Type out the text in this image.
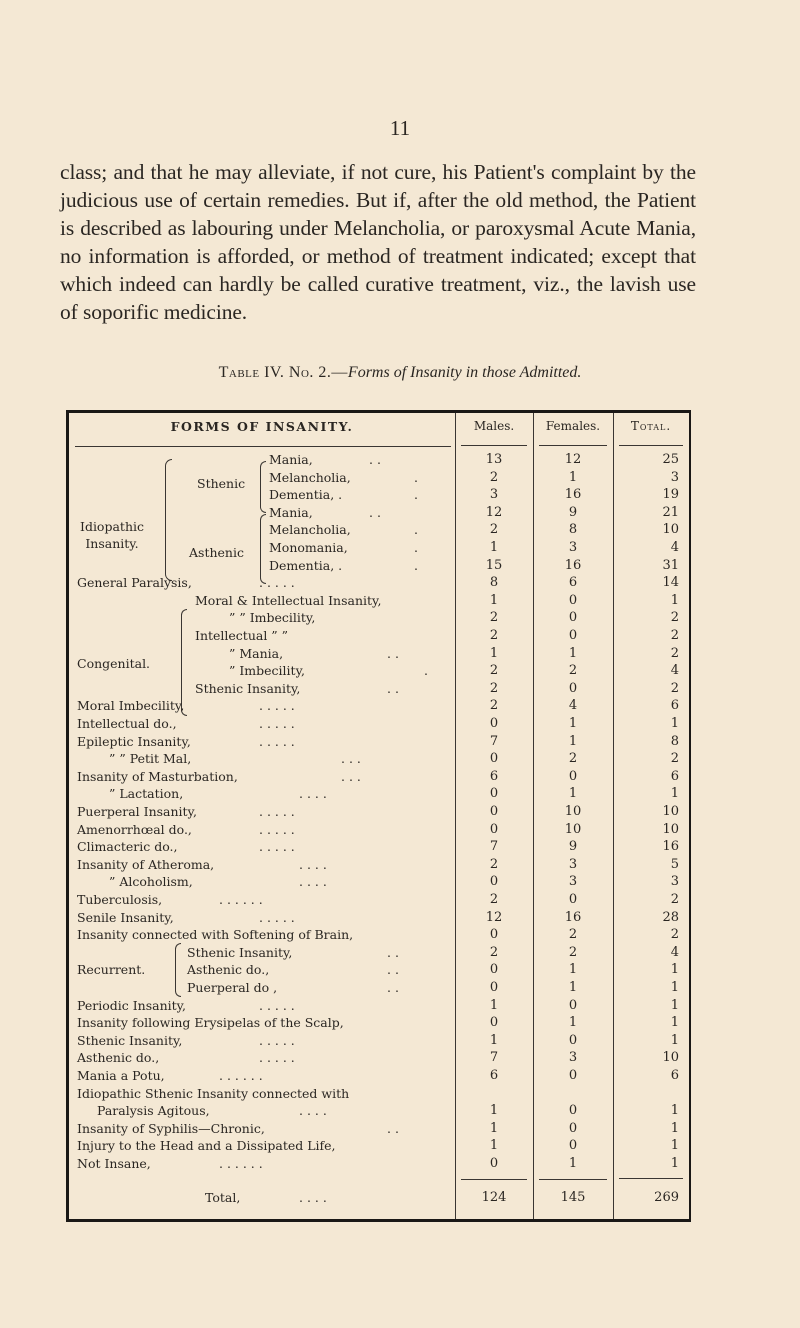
11
class; and that he may alleviate, if not cure, his Patient's complaint by the judicious use of certain remedies. But if, after the old method, the Patient is described as labouring under Melancholia, or paroxysmal Acute Mania, no information is afforded, or method of treatment indicated; except that which indeed can hardly be called curative treatment, viz., the lavish use of soporific medicine.
Table IV. No. 2.—Forms of Insanity in those Admitted.
FORMS OF INSANITY.	Males.	Females.	Total.
Idiopathic Insanity.
Sthenic
Asthenic
Congenital.
Recurrent.
Mania,	. .	13	12	25
Melancholia,	.	2	1	3
Dementia, .	.	3	16	19
Mania,	. .	12	9	21
Melancholia,	.	2	8	10
Monomania,	.	1	3	4
Dementia, .	.	15	16	31
General Paralysis,	. . . . .	8	6	14
Moral & Intellectual Insanity,	1	0	1
” ” Imbecility,	2	0	2
Intellectual ” ”	2	0	2
” Mania,	. .	1	1	2
” Imbecility,	.	2	2	4
Sthenic Insanity,	. .	2	0	2
Moral Imbecility,	. . . . .	2	4	6
Intellectual do.,	. . . . .	0	1	1
Epileptic Insanity,	. . . . .	7	1	8
” ” Petit Mal,	. . .	0	2	2
Insanity of Masturbation,	. . .	6	0	6
” Lactation,	. . . .	0	1	1
Puerperal Insanity,	. . . . .	0	10	10
Amenorrhœal do.,	. . . . .	0	10	10
Climacteric do.,	. . . . .	7	9	16
Insanity of Atheroma,	. . . .	2	3	5
” Alcoholism,	. . . .	0	3	3
Tuberculosis,	. . . . . .	2	0	2
Senile Insanity,	. . . . .	12	16	28
Insanity connected with Softening of Brain,	0	2	2
Sthenic Insanity,	. .	2	2	4
Asthenic do.,	. .	0	1	1
Puerperal do ,	. .	0	1	1
Periodic Insanity,	. . . . .	1	0	1
Insanity following Erysipelas of the Scalp,	0	1	1
Sthenic Insanity,	. . . . .	1	0	1
Asthenic do.,	. . . . .	7	3	10
Mania a Potu,	. . . . . .	6	0	6
Idiopathic Sthenic Insanity connected with
Paralysis Agitous,	. . . .	1	0	1
Insanity of Syphilis—Chronic,	. .	1	0	1
Injury to the Head and a Dissipated Life,	1	0	1
Not Insane,	. . . . . .	0	1	1
Total,	. . . .	124	145	269
